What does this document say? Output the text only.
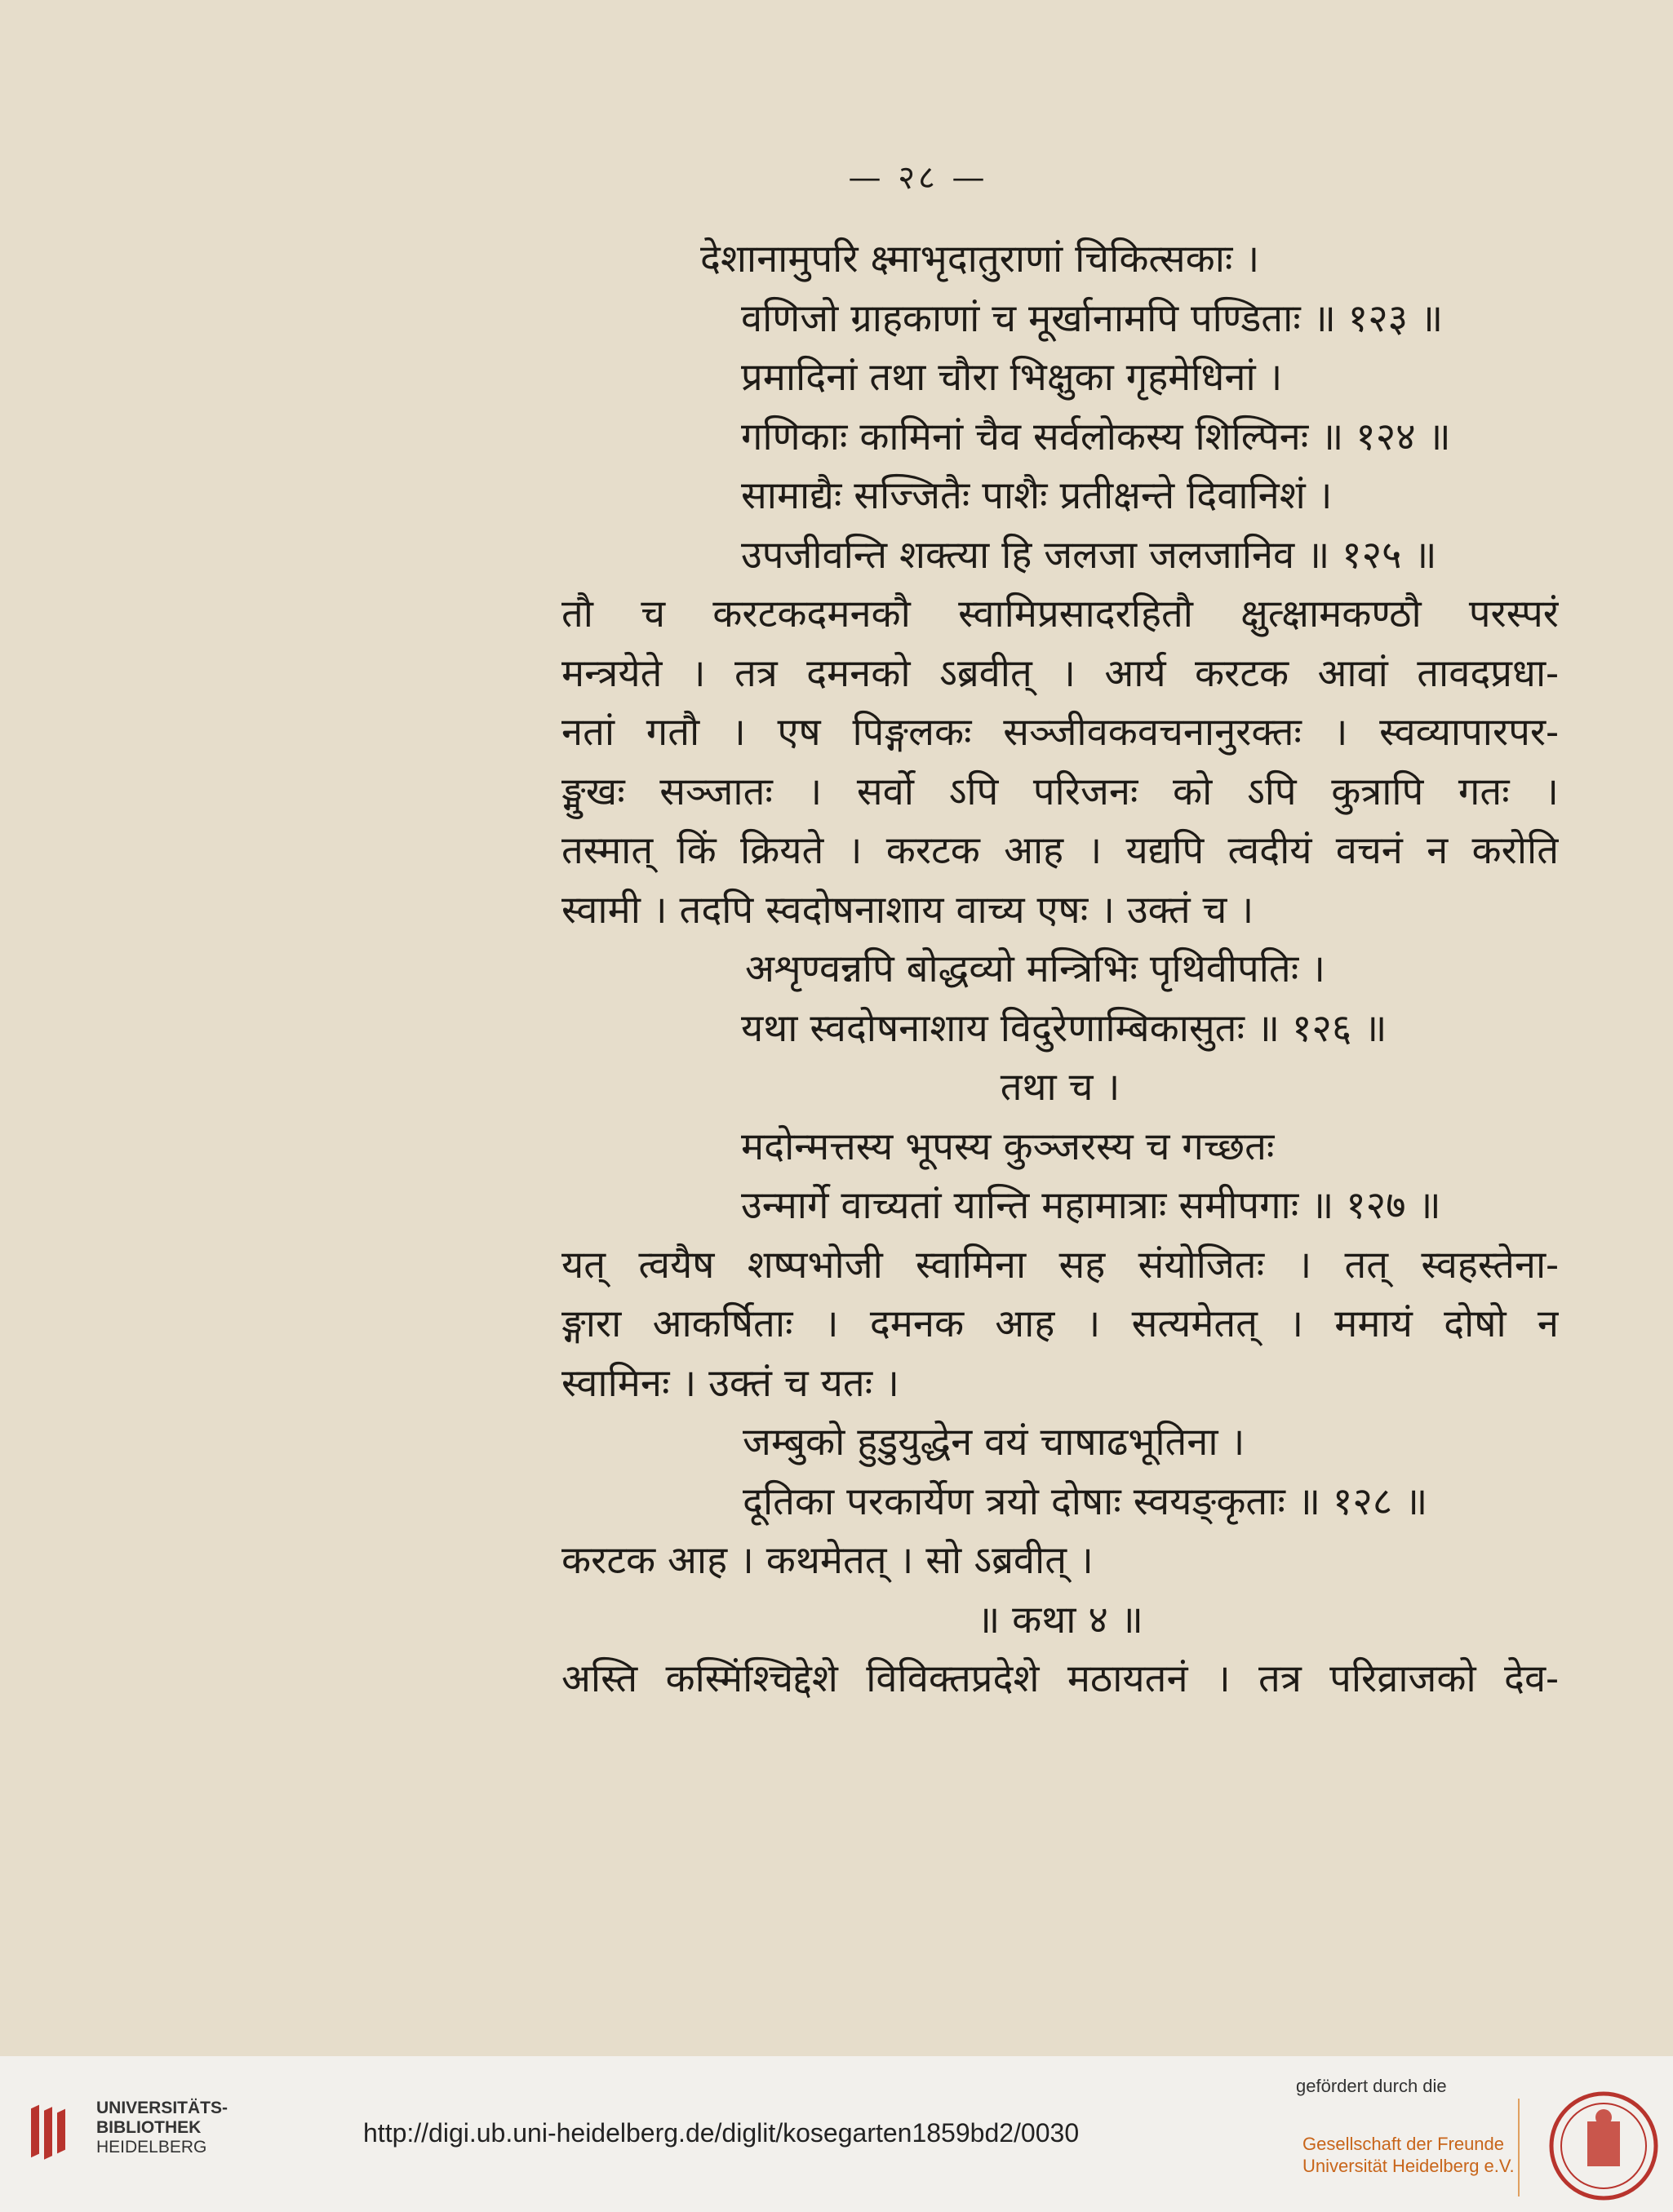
— २८ —
देशानामुपरि क्ष्माभृदातुराणां चिकित्सकाः ।
वणिजो ग्राहकाणां च मूर्खानामपि पण्डिताः ॥ १२३ ॥
प्रमादिनां तथा चौरा भिक्षुका गृहमेधिनां ।
गणिकाः कामिनां चैव सर्वलोकस्य शिल्पिनः ॥ १२४ ॥
सामाद्यैः सज्जितैः पाशैः प्रतीक्षन्ते दिवानिशं ।
उपजीवन्ति शक्त्या हि जलजा जलजानिव ॥ १२५ ॥
तौ च करटकदमनकौ स्वामिप्रसादरहितौ क्षुत्क्षामकण्ठौ परस्परं
मन्त्रयेते । तत्र दमनको ऽब्रवीत् । आर्य करटक आवां तावदप्रधा-
नतां गतौ । एष पिङ्गलकः सञ्जीवकवचनानुरक्तः । स्वव्यापारपर-
ङ्मुखः सञ्जातः । सर्वो ऽपि परिजनः को ऽपि कुत्रापि गतः ।
तस्मात् किं क्रियते । करटक आह । यद्यपि त्वदीयं वचनं न करोति
स्वामी । तदपि स्वदोषनाशाय वाच्य एषः । उक्तं च ।
अशृण्वन्नपि बोद्धव्यो मन्त्रिभिः पृथिवीपतिः ।
यथा स्वदोषनाशाय विदुरेणाम्बिकासुतः ॥ १२६ ॥
तथा च ।
मदोन्मत्तस्य भूपस्य कुञ्जरस्य च गच्छतः
उन्मार्गे वाच्यतां यान्ति महामात्राः समीपगाः ॥ १२७ ॥
यत् त्वयैष शष्पभोजी स्वामिना सह संयोजितः । तत् स्वहस्तेना-
ङ्गारा आकर्षिताः । दमनक आह । सत्यमेतत् । ममायं दोषो न
स्वामिनः । उक्तं च यतः ।
जम्बुको हुडुयुद्धेन वयं चाषाढभूतिना ।
दूतिका परकार्येण त्रयो दोषाः स्वयङ्कृताः ॥ १२८ ॥
करटक आह । कथमेतत् । सो ऽब्रवीत् ।
॥ कथा ४ ॥
अस्ति कस्मिंश्चिद्देशे विविक्तप्रदेशे मठायतनं । तत्र परिव्राजको देव-
UNIVERSITÄTS-
BIBLIOTHEK
HEIDELBERG	http://digi.ub.uni-heidelberg.de/diglit/kosegarten1859bd2/0030
gefördert durch die
Gesellschaft der Freunde
Universität Heidelberg e.V.
